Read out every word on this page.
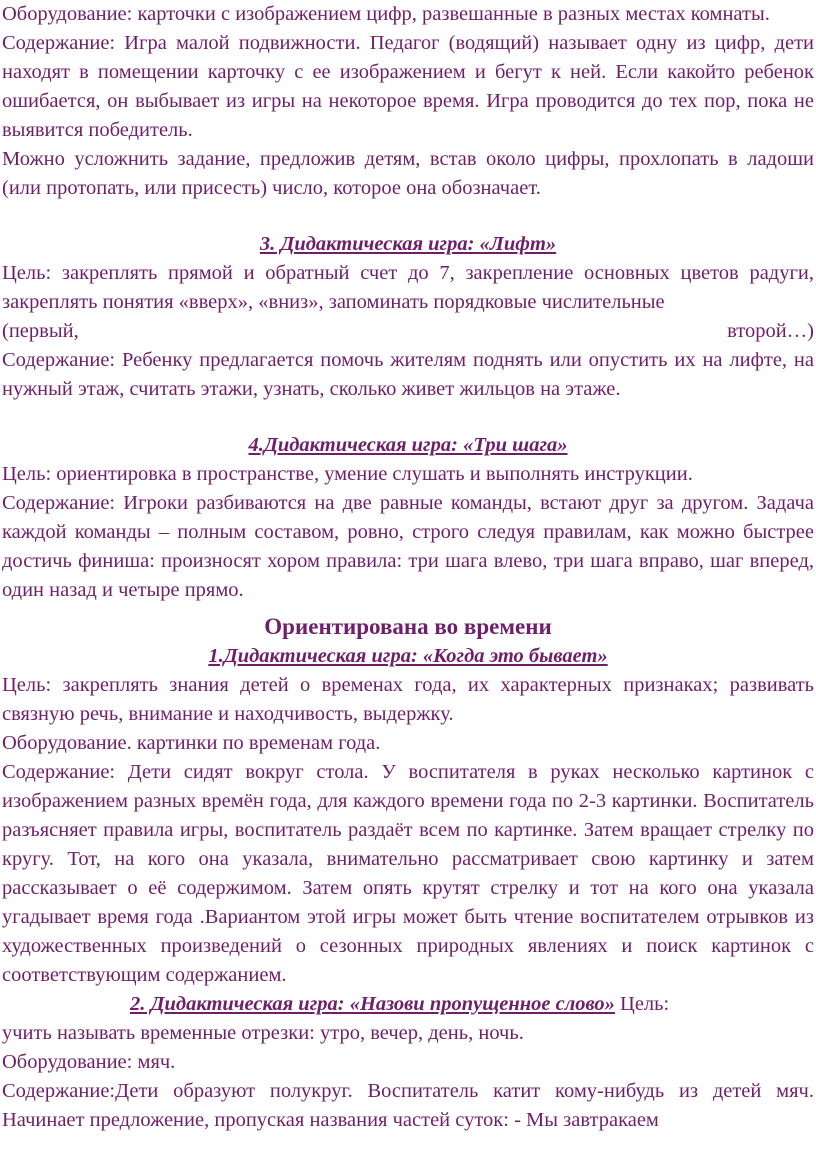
Оборудование: карточки с изображением цифр, развешанные в разных местах комнаты.

Содержание: Игра малой подвижности. Педагог (водящий) называет одну из цифр, дети находят в помещении карточку с ее изображением и бегут к ней. Если какойто ребенок ошибается, он выбывает из игры на некоторое время. Игра проводится до тех пор, пока не выявится победитель.

Можно усложнить задание, предложив детям, встав около цифры, прохлопать в ладоши (или протопать, или присесть) число, которое она обозначает.

3. Дидактическая игра: «Лифт»

Цель: закреплять прямой и обратный счет до 7, закрепление основных цветов радуги, закреплять понятия «вверх», «вниз», запоминать порядковые числительные

(первый,	второй…)

Содержание: Ребенку предлагается помочь жителям поднять или опустить их на лифте, на нужный этаж, считать этажи, узнать, сколько живет жильцов на этаже.

4.Дидактическая игра: «Три шага»

Цель: ориентировка в пространстве, умение слушать и выполнять инструкции.

Содержание: Игроки разбиваются на две равные команды, встают друг за другом. Задача каждой команды – полным составом, ровно, строго следуя правилам, как можно быстрее достичь финиша: произносят хором правила: три шага влево, три шага вправо, шаг вперед, один назад и четыре прямо.

Ориентирована во времени

1.Дидактическая игра: «Когда это бывает»

Цель: закреплять знания детей о временах года, их характерных признаках; развивать связную речь, внимание и находчивость, выдержку.

Оборудование. картинки по временам года.

Содержание: Дети сидят вокруг стола. У воспитателя в руках несколько картинок с изображением разных времён года, для каждого времени года по 2-3 картинки. Воспитатель разъясняет правила игры, воспитатель раздаёт всем по картинке. Затем вращает стрелку по кругу. Тот, на кого она указала, внимательно рассматривает свою картинку и затем рассказывает о её содержимом. Затем опять крутят стрелку и тот на кого она указала угадывает время года .Вариантом этой игры может быть чтение воспитателем отрывков из художественных произведений о сезонных природных явлениях и поиск картинок с соответствующим содержанием.

2. Дидактическая игра: «Назови пропущенное слово» Цель:

учить называть временные отрезки: утро, вечер, день, ночь.

Оборудование: мяч.

Содержание:Дети образуют полукруг. Воспитатель катит кому-нибудь из детей мяч. Начинает предложение, пропуская названия частей суток: - Мы завтракаем
